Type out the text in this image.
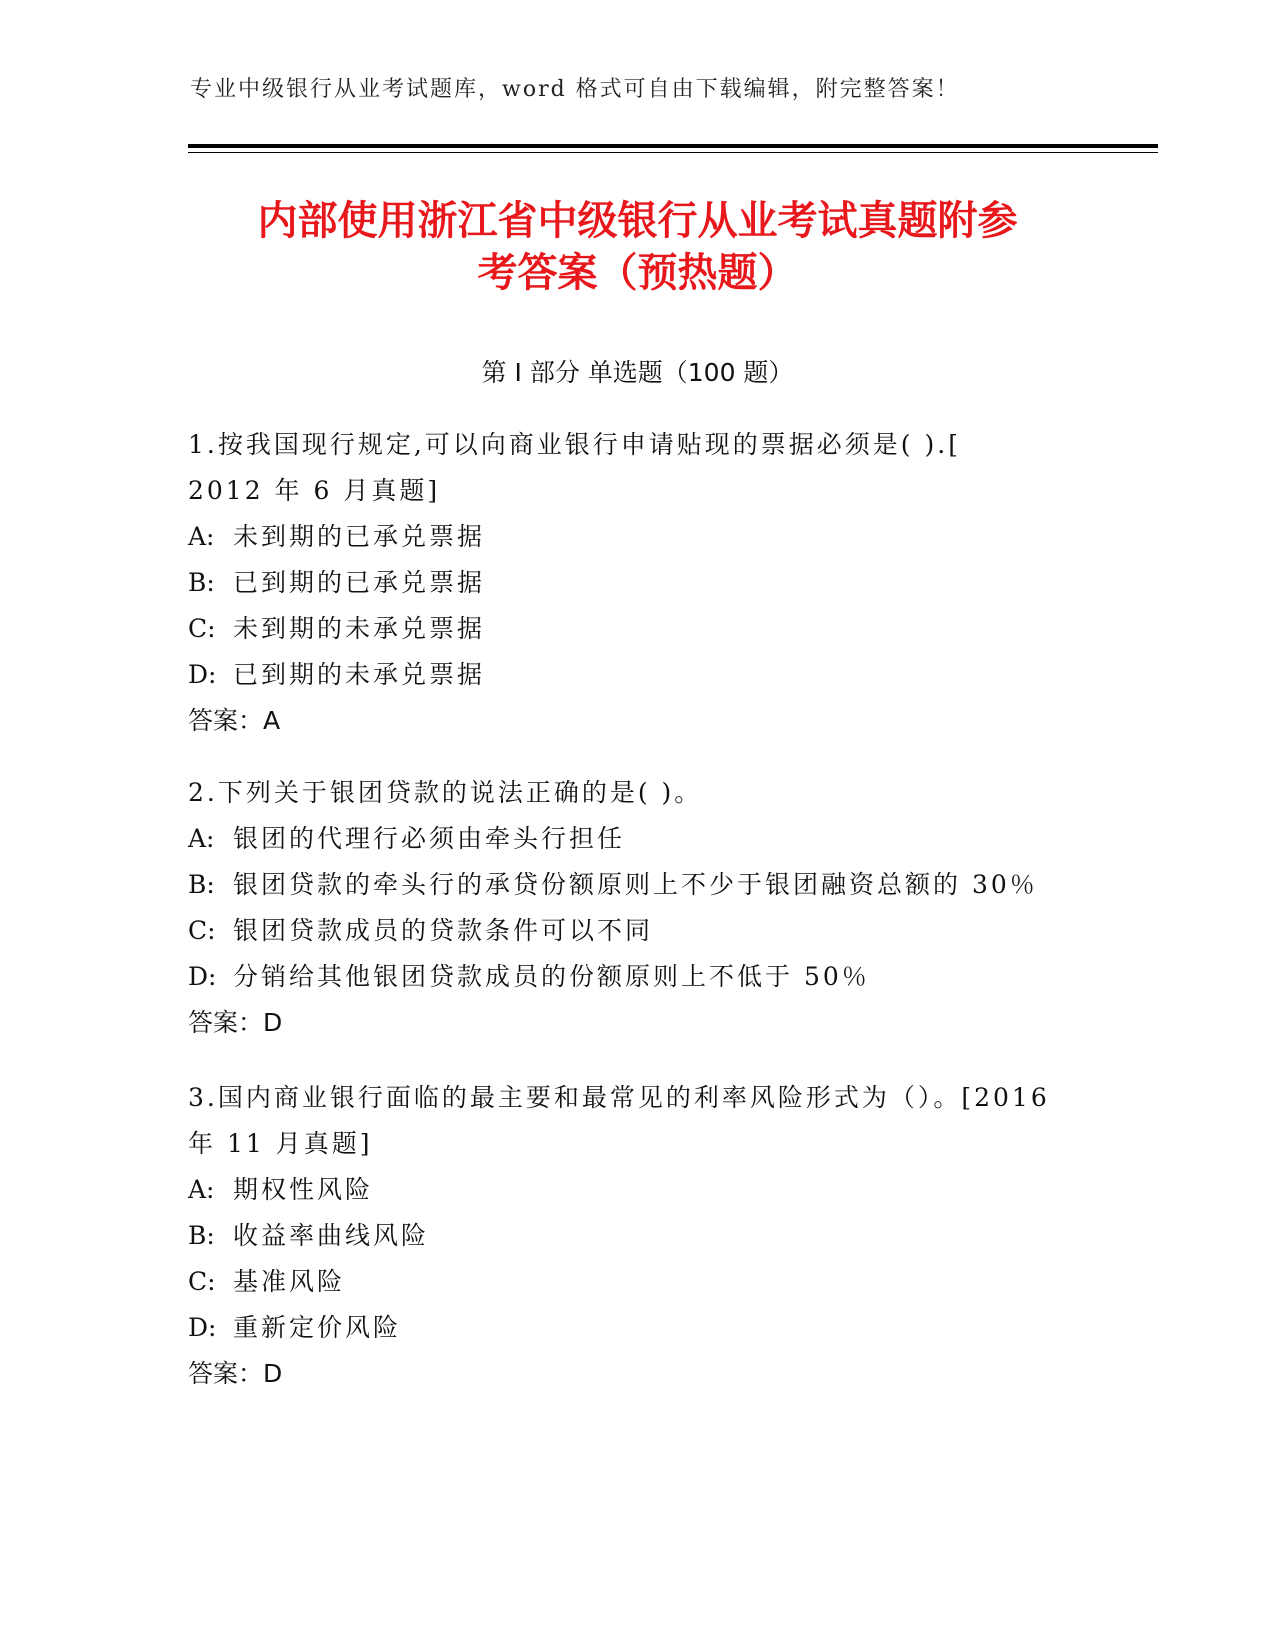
专业中级银行从业考试题库，word 格式可自由下载编辑，附完整答案！
内部使用浙江省中级银行从业考试真题附参
考答案（预热题）
第 I 部分 单选题（100 题）
1.按我国现行规定,可以向商业银行申请贴现的票据必须是( ).[
2012 年 6 月真题]
A: 未到期的已承兑票据
B: 已到期的已承兑票据
C: 未到期的未承兑票据
D: 已到期的未承兑票据
答案：A
2.下列关于银团贷款的说法正确的是( )。
A: 银团的代理行必须由牵头行担任
B: 银团贷款的牵头行的承贷份额原则上不少于银团融资总额的 30％
C: 银团贷款成员的贷款条件可以不同
D: 分销给其他银团贷款成员的份额原则上不低于 50％
答案：D
3.国内商业银行面临的最主要和最常见的利率风险形式为（）。[2016
年 11 月真题]
A: 期权性风险
B: 收益率曲线风险
C: 基准风险
D: 重新定价风险
答案：D
